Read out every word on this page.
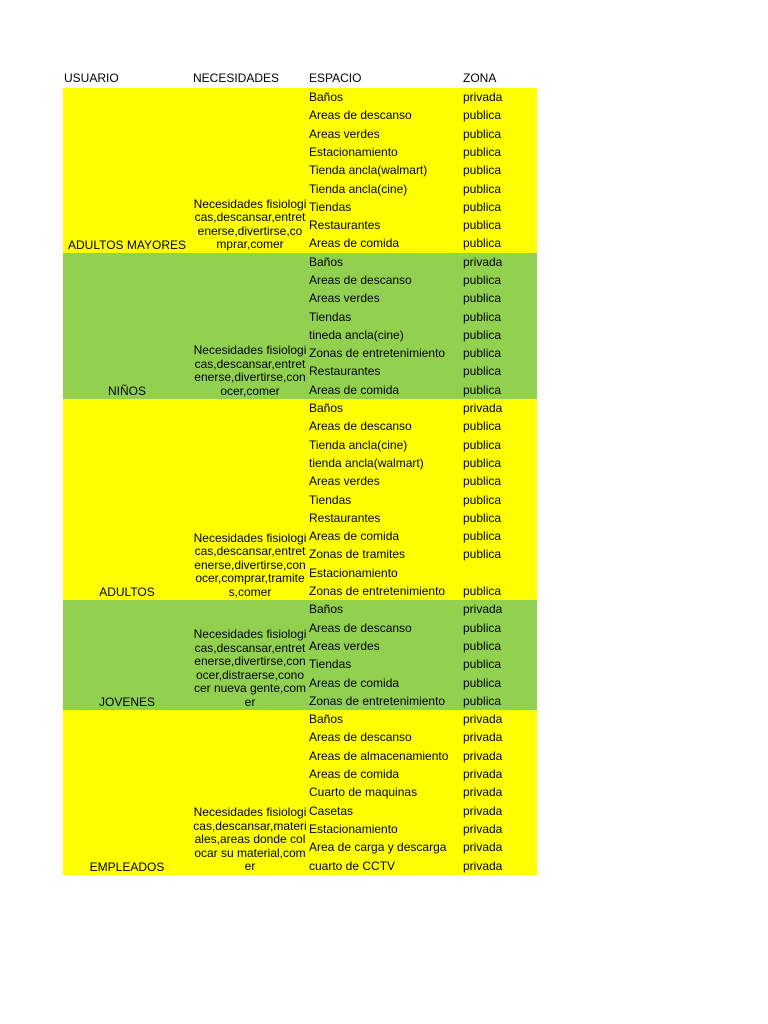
USUARIO	NECESIDADES ESPACIO	ZONA
ADULTOS MAYORES
Necesidades fisiologicas,descansar,entretenerse,divertirse,comprar,comer
Baños	privada
Areas de descanso	publica
Areas verdes	publica
Estacionamiento	publica
Tienda ancla(walmart)	publica
Tienda ancla(cine)	publica
Tiendas	publica
Restaurantes	publica
Areas de comida	publica
NIÑOS
Necesidades fisiologicas,descansar,entretenerse,divertirse,conocer,comer
Baños	privada
Areas de descanso	publica
Areas verdes	publica
Tiendas	publica
tineda ancla(cine)	publica
Zonas de entretenimiento publica
Restaurantes	publica
Areas de comida	publica
ADULTOS
Necesidades fisiologicas,descansar,entretenerse,divertirse,conocer,comprar,tramites,comer
Baños	privada
Areas de descanso	publica
Tienda ancla(cine)	publica
tienda ancla(walmart)	publica
Areas verdes	publica
Tiendas	publica
Restaurantes	publica
Areas de comida	publica
Zonas de tramites	publica
Estacionamiento
Zonas de entretenimiento publica
JOVENES
Necesidades fisiologicas,descansar,entretenerse,divertirse,conocer,distraerse,conocer nueva gente,comer
Baños	privada
Areas de descanso	publica
Areas verdes	publica
Tiendas	publica
Areas de comida	publica
Zonas de entretenimiento publica
EMPLEADOS
Necesidades fisiologicas,descansar,materiales,areas donde colocar su material,comer
Baños	privada
Areas de descanso	privada
Areas de almacenamiento privada
Areas de comida	privada
Cuarto de maquinas	privada
Casetas	privada
Estacionamiento	privada
Area de carga y descarga privada
cuarto de CCTV	privada
